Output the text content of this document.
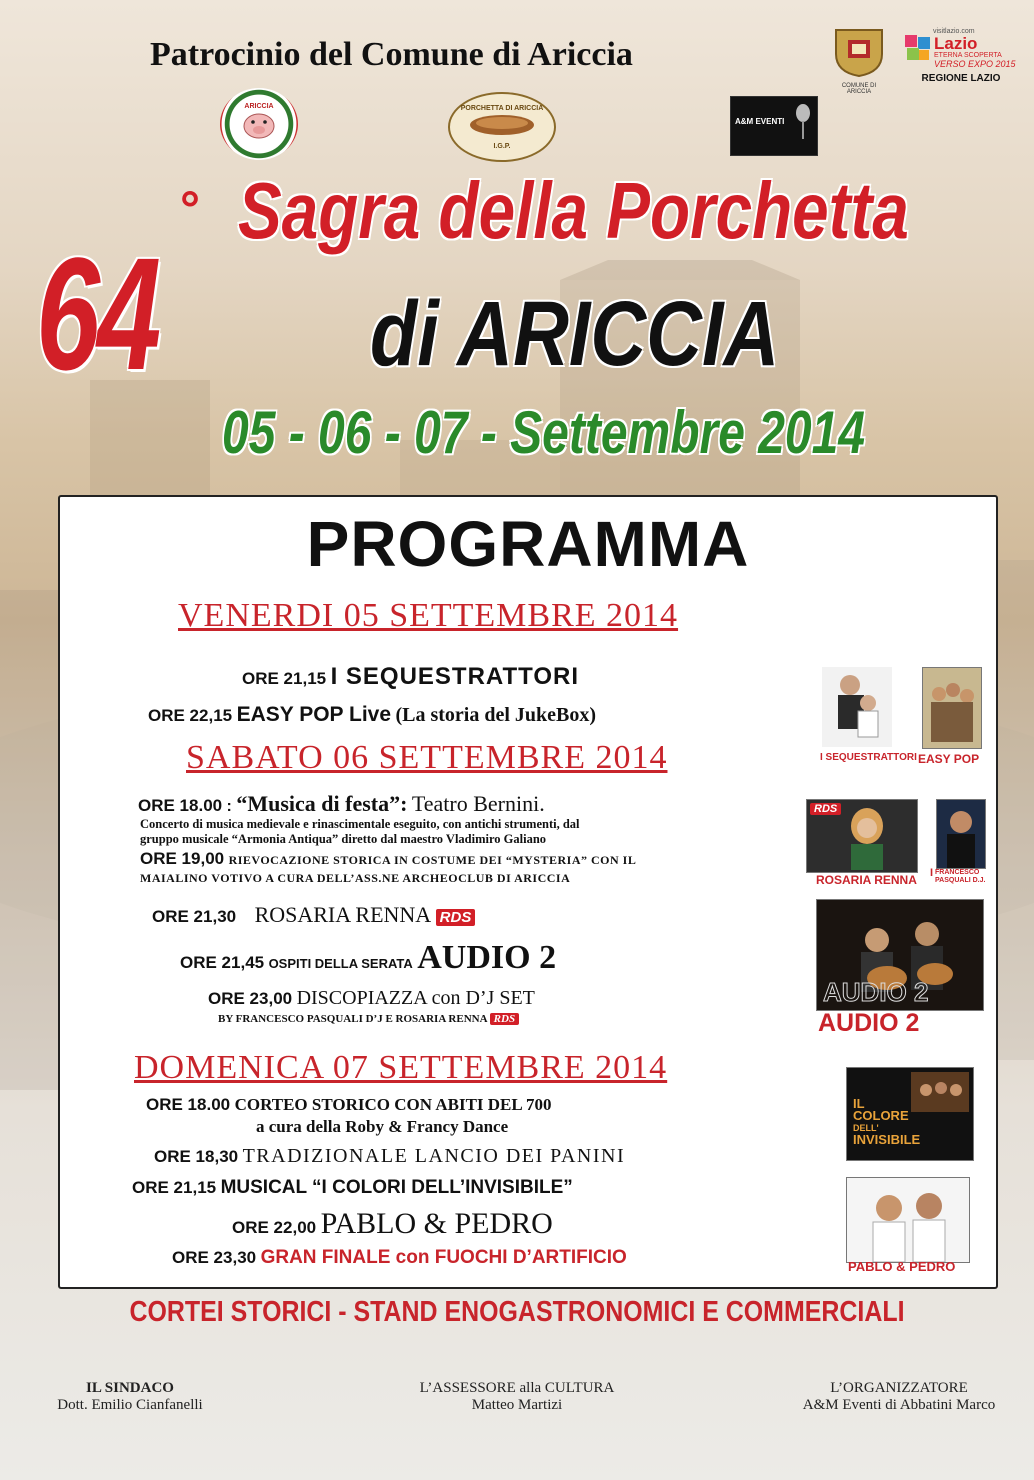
Patrocinio del Comune di Ariccia
COMUNE DI ARICCIA
visitlazio.com
Lazio
ETERNA SCOPERTA
VERSO EXPO 2015
REGIONE LAZIO
ARICCIA	PORCHETTA DI ARICCIA
I.G.P.
A&M EVENTI
64
° Sagra della Porchetta
di ARICCIA
05 - 06 - 07 - Settembre 2014
PROGRAMMA
VENERDI 05 SETTEMBRE 2014
ORE 21,15 I SEQUESTRATTORI
ORE 22,15 EASY POP Live (La storia del JukeBox)
SABATO 06 SETTEMBRE 2014
ORE 18.00 : “Musica di festa”: Teatro Bernini.
Concerto di musica medievale e rinascimentale eseguito, con antichi strumenti, dal
gruppo musicale “Armonia Antiqua” diretto dal maestro Vladimiro Galiano
ORE 19,00 RIEVOCAZIONE STORICA IN COSTUME DEI “MYSTERIA” CON IL
MAIALINO VOTIVO A CURA DELL’ASS.NE ARCHEOCLUB DI ARICCIA
ORE 21,30 ROSARIA RENNA RDS
ORE 21,45 OSPITI DELLA SERATA AUDIO 2
ORE 23,00 DISCOPIAZZA con D’J SET
BY FRANCESCO PASQUALI D’J E ROSARIA RENNA RDS
DOMENICA 07 SETTEMBRE 2014
ORE 18.00 CORTEO STORICO CON ABITI DEL 700
a cura della Roby & Francy Dance
ORE 18,30 TRADIZIONALE LANCIO DEI PANINI
ORE 21,15 MUSICAL “I COLORI DELL’INVISIBILE”
ORE 22,00 PABLO & PEDRO
ORE 23,30 GRAN FINALE con FUOCHI D’ARTIFICIO
I SEQUESTRATTORI EASY POP
RDS
ROSARIA RENNA I FRANCESCO
PASQUALI D.J.
AUDIO 2
AUDIO 2
IL
COLORE
DELL'
INVISIBILE
PABLO & PEDRO
CORTEI STORICI - STAND ENOGASTRONOMICI E COMMERCIALI
IL SINDACO
Dott. Emilio Cianfanelli
L’ASSESSORE alla CULTURA
Matteo Martizi
L’ORGANIZZATORE
A&M Eventi di Abbatini Marco
